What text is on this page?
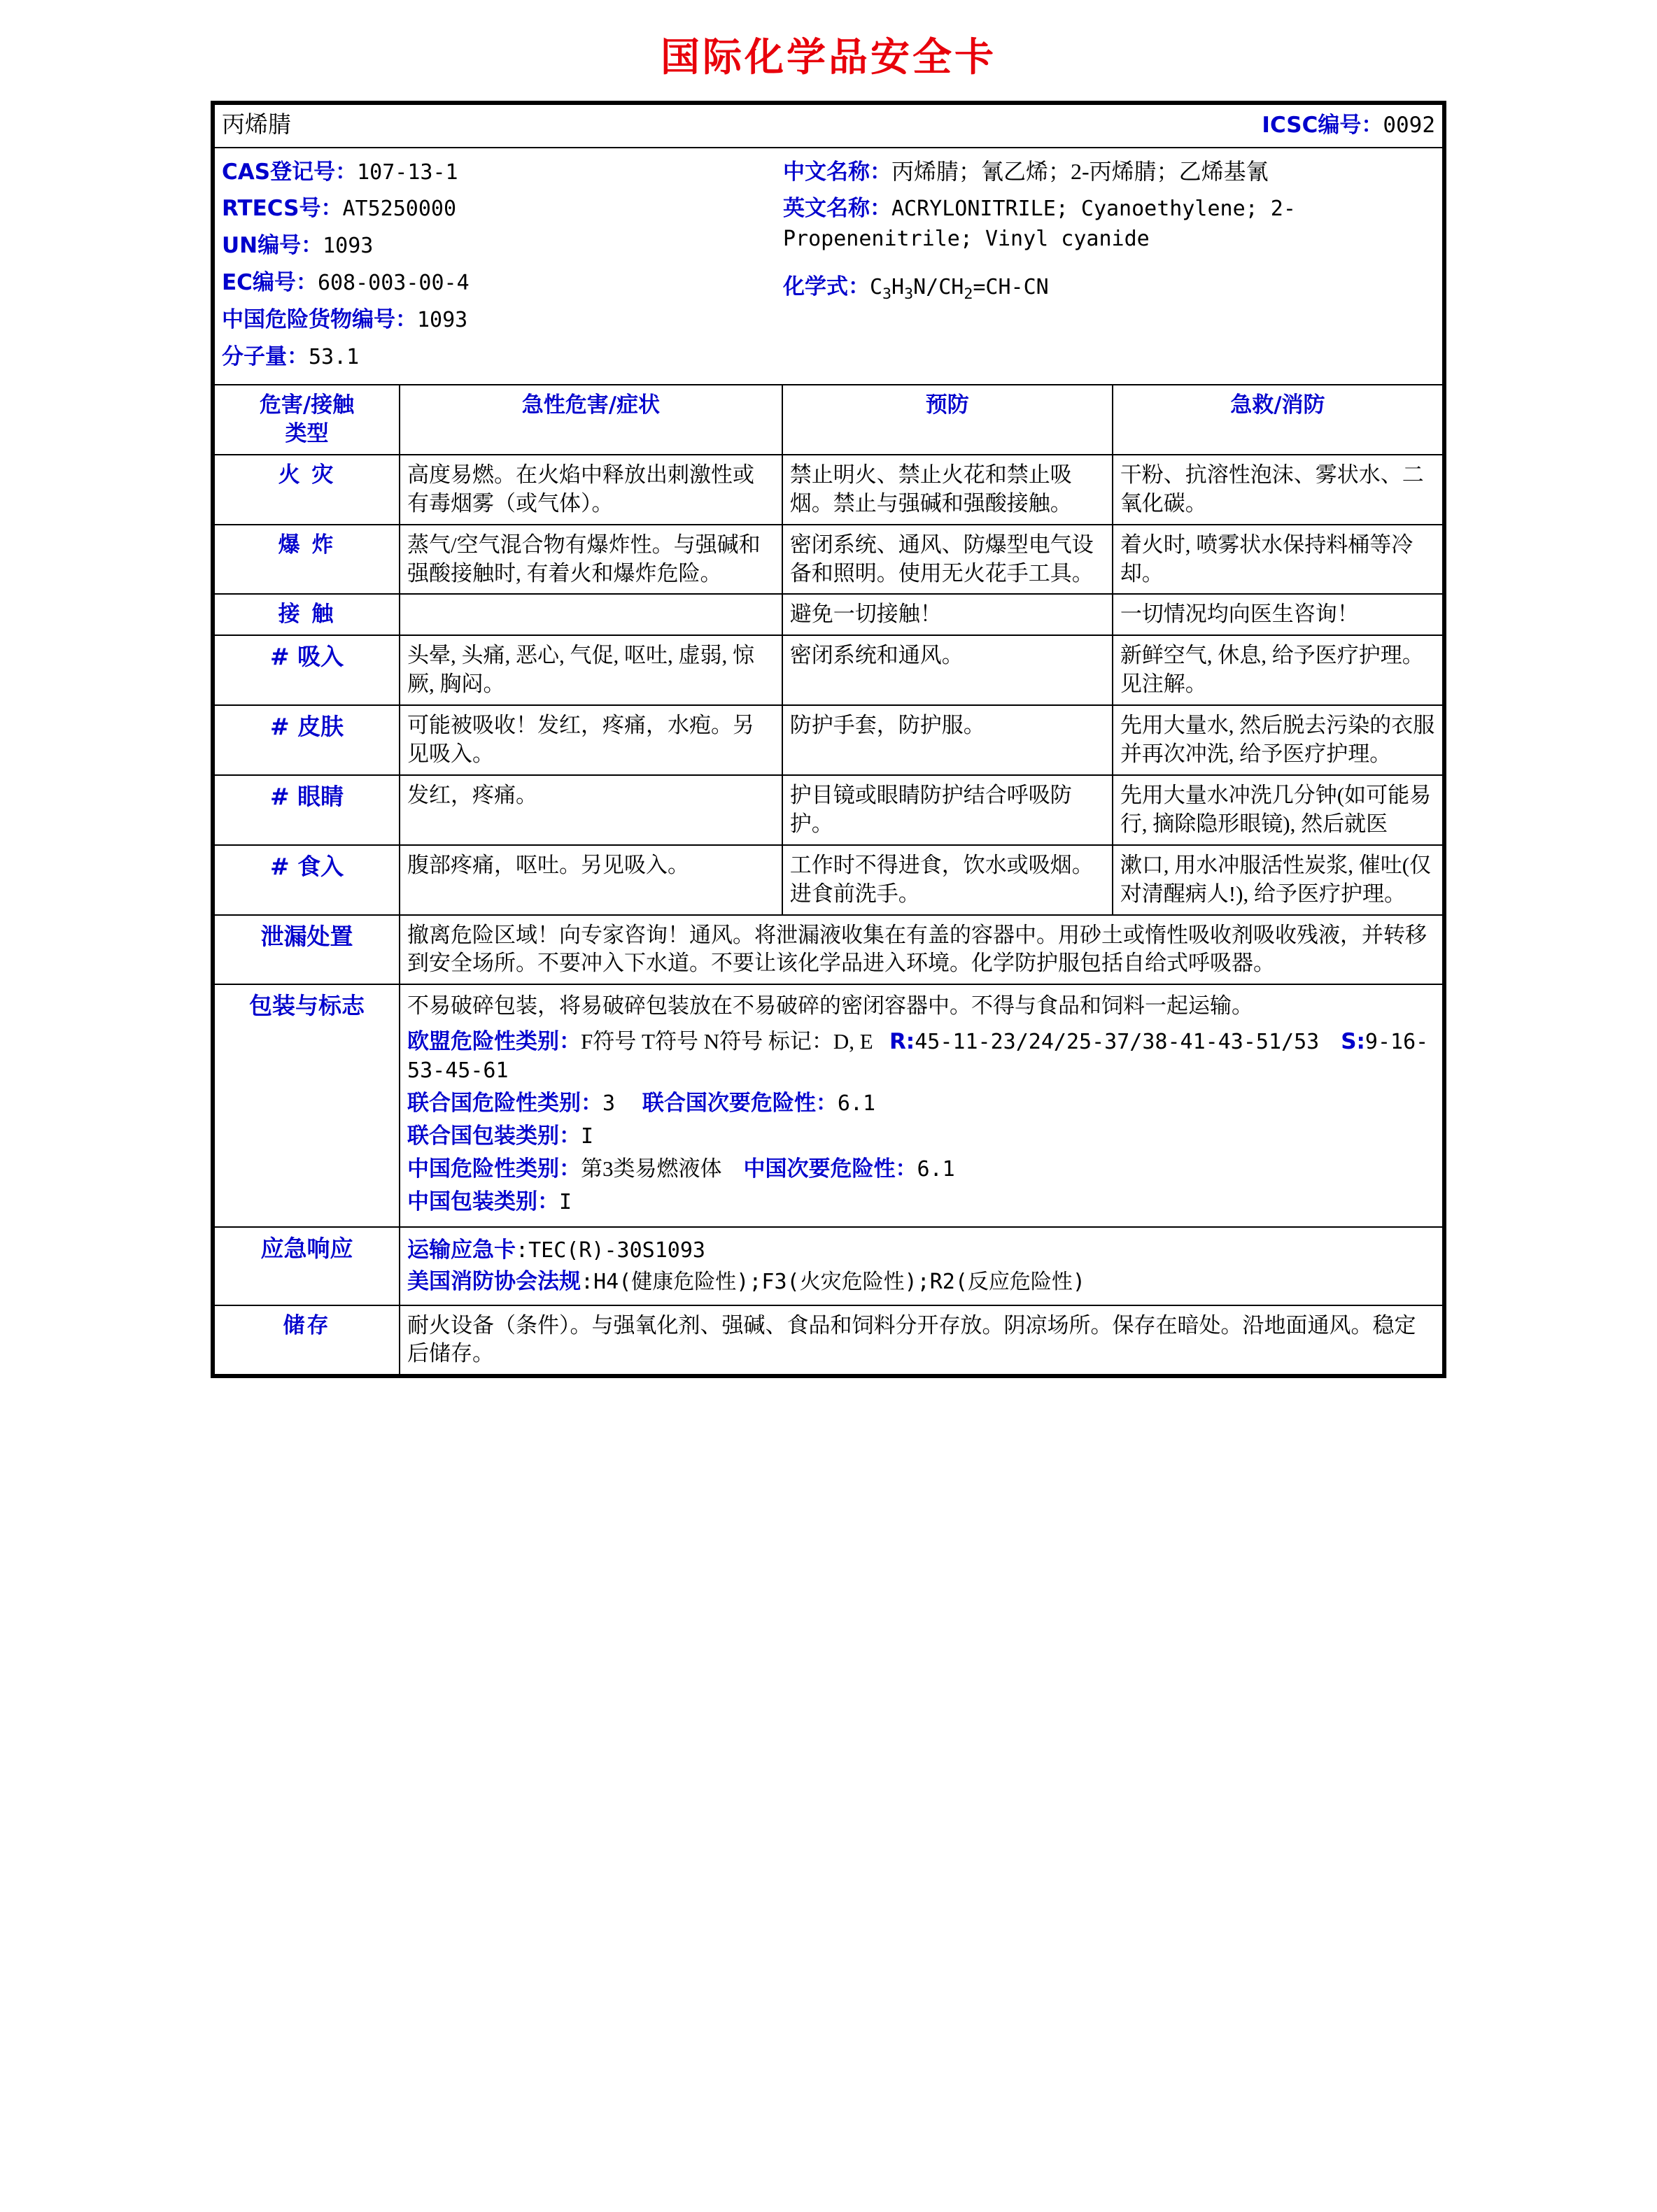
国际化学品安全卡
丙烯腈 ICSC编号：0092			

CAS登记号：107-13-1
RTECS号：AT5250000
UN编号：1093
EC编号：608-003-00-4
中国危险货物编号：1093
分子量：53.1
中文名称：丙烯腈；氰乙烯；2-丙烯腈；乙烯基氰
英文名称：ACRYLONITRILE; Cyanoethylene; 2-Propenenitrile; Vinyl cyanide
化学式：$C_3H_3N/CH_2=CH-CN$

危害/接触
类型	急性危害/症状	预防	急救/消防
火 灾	高度易燃。在火焰中释放出刺激性或有毒烟雾（或气体）。	禁止明火、禁止火花和禁止吸烟。禁止与强碱和强酸接触。	干粉、抗溶性泡沫、雾状水、二氧化碳。
爆 炸	蒸气/空气混合物有爆炸性。与强碱和强酸接触时, 有着火和爆炸危险。	密闭系统、通风、防爆型电气设备和照明。使用无火花手工具。	着火时, 喷雾状水保持料桶等冷却。
接 触		避免一切接触！	一切情况均向医生咨询！
# 吸入	头晕, 头痛, 恶心, 气促, 呕吐, 虚弱, 惊厥, 胸闷。	密闭系统和通风。	新鲜空气, 休息, 给予医疗护理。见注解。
# 皮肤	可能被吸收！发红，疼痛，水疱。另见吸入。	防护手套，防护服。	先用大量水, 然后脱去污染的衣服并再次冲洗, 给予医疗护理。
# 眼睛	发红，疼痛。	护目镜或眼睛防护结合呼吸防护。	先用大量水冲洗几分钟(如可能易行, 摘除隐形眼镜), 然后就医
# 食入	腹部疼痛，呕吐。另见吸入。	工作时不得进食，饮水或吸烟。进食前洗手。	漱口, 用水冲服活性炭浆, 催吐(仅对清醒病人!), 给予医疗护理。
泄漏处置	撤离危险区域！向专家咨询！通风。将泄漏液收集在有盖的容器中。用砂土或惰性吸收剂吸收残液，并转移到安全场所。不要冲入下水道。不要让该化学品进入环境。化学防护服包括自给式呼吸器。		
包装与标志	不易破碎包装，将易破碎包装放在不易破碎的密闭容器中。不得与食品和饲料一起运输。
欧盟危险性类别：F符号 T符号 N符号 标记：D, E R:45-11-23/24/25-37/38-41-43-51/53 S:9-16-53-45-61
联合国危险性类别：3 联合国次要危险性：6.1
联合国包装类别：I
中国危险性类别：第3类易燃液体 中国次要危险性：6.1
中国包装类别：I

应急响应	运输应急卡:TEC(R)-30S1093
美国消防协会法规:H4(健康危险性);F3(火灾危险性);R2(反应危险性)		

储存	耐火设备（条件）。与强氧化剂、强碱、食品和饲料分开存放。阴凉场所。保存在暗处。沿地面通风。稳定后储存。		
